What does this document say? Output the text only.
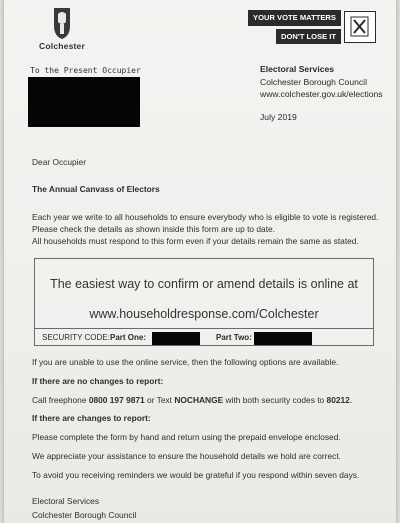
Colchester
YOUR VOTE MATTERS
DON'T LOSE IT
To the Present Occupier	Electoral Services
Colchester Borough Council
www.colchester.gov.uk/elections
July 2019
Dear Occupier
The Annual Canvass of Electors
Each year we write to all households to ensure everybody who is eligible to vote is registered.
Please check the details as shown inside this form are up to date.
All households must respond to this form even if your details remain the same as stated.
The easiest way to confirm or amend details is online at
www.householdresponse.com/Colchester
SECURITY CODE: Part One:	Part Two:
If you are unable to use the online service, then the following options are available.
If there are no changes to report:
Call freephone 0800 197 9871 or Text NOCHANGE with both security codes to 80212.
If there are changes to report:
Please complete the form by hand and return using the prepaid envelope enclosed.
We appreciate your assistance to ensure the household details we hold are correct.
To avoid you receiving reminders we would be grateful if you respond within seven days.
Electoral Services
Colchester Borough Council
